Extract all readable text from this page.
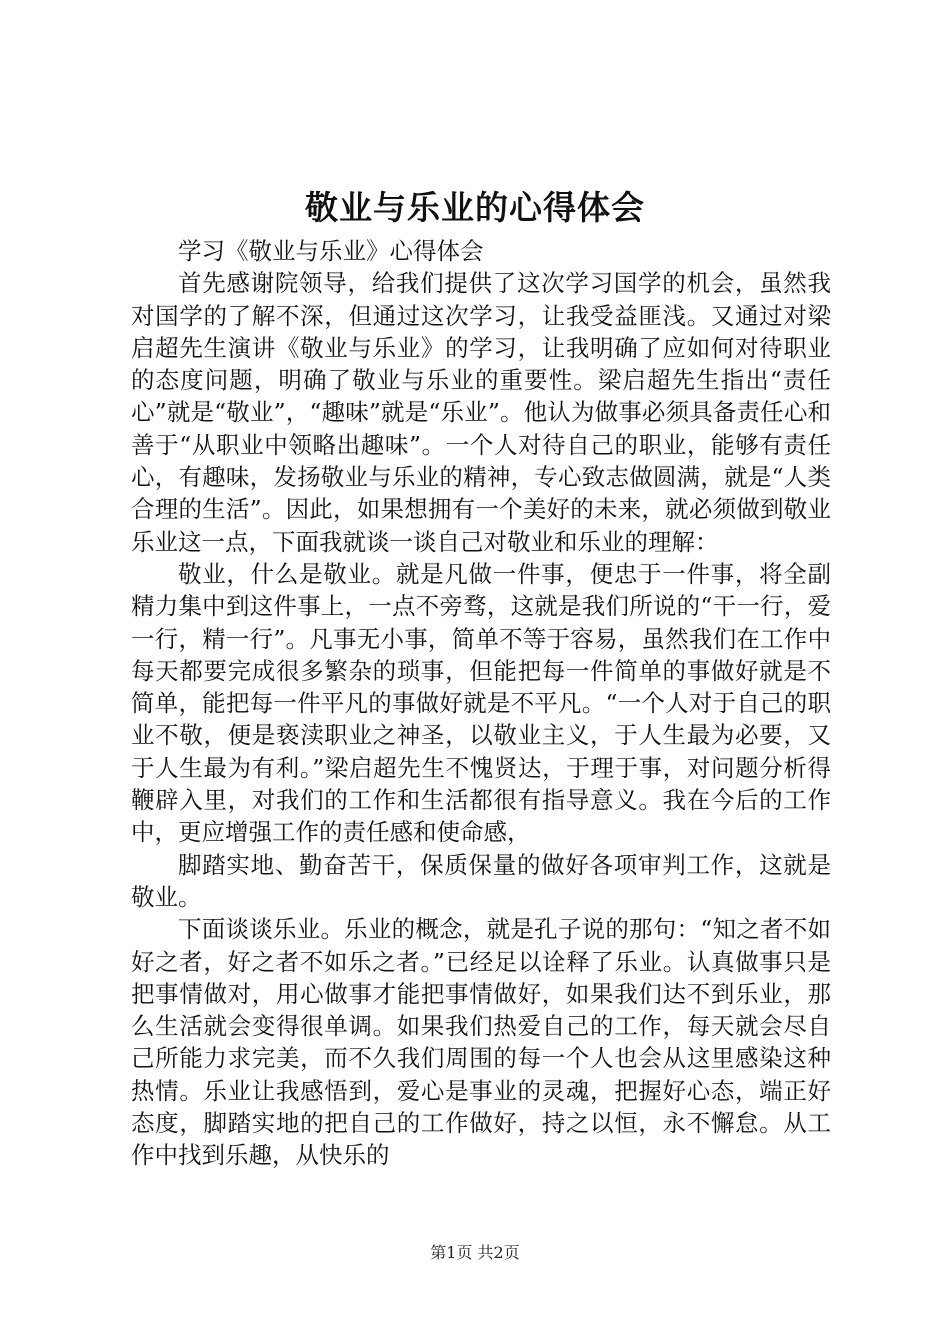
敬业与乐业的心得体会

学习《敬业与乐业》心得体会

首先感谢院领导，给我们提供了这次学习国学的机会，虽然我对国学的了解不深，但通过这次学习，让我受益匪浅。又通过对梁启超先生演讲《敬业与乐业》的学习，让我明确了应如何对待职业的态度问题，明确了敬业与乐业的重要性。梁启超先生指出“责任心”就是“敬业”，“趣味”就是“乐业”。他认为做事必须具备责任心和善于“从职业中领略出趣味”。一个人对待自己的职业，能够有责任心，有趣味，发扬敬业与乐业的精神，专心致志做圆满，就是“人类合理的生活”。因此，如果想拥有一个美好的未来，就必须做到敬业乐业这一点，下面我就谈一谈自己对敬业和乐业的理解：

敬业，什么是敬业。就是凡做一件事，便忠于一件事，将全副精力集中到这件事上，一点不旁骛，这就是我们所说的“干一行，爱一行，精一行”。凡事无小事，简单不等于容易，虽然我们在工作中每天都要完成很多繁杂的琐事，但能把每一件简单的事做好就是不简单，能把每一件平凡的事做好就是不平凡。“一个人对于自己的职业不敬，便是亵渎职业之神圣，以敬业主义，于人生最为必要，又于人生最为有利。”梁启超先生不愧贤达，于理于事，对问题分析得鞭辟入里，对我们的工作和生活都很有指导意义。我在今后的工作中，更应增强工作的责任感和使命感，

脚踏实地、勤奋苦干，保质保量的做好各项审判工作，这就是敬业。

下面谈谈乐业。乐业的概念，就是孔子说的那句：“知之者不如好之者，好之者不如乐之者。”已经足以诠释了乐业。认真做事只是把事情做对，用心做事才能把事情做好，如果我们达不到乐业，那么生活就会变得很单调。如果我们热爱自己的工作，每天就会尽自己所能力求完美，而不久我们周围的每一个人也会从这里感染这种热情。乐业让我感悟到，爱心是事业的灵魂，把握好心态，端正好态度，脚踏实地的把自己的工作做好，持之以恒，永不懈怠。从工作中找到乐趣，从快乐的

第1页 共2页
